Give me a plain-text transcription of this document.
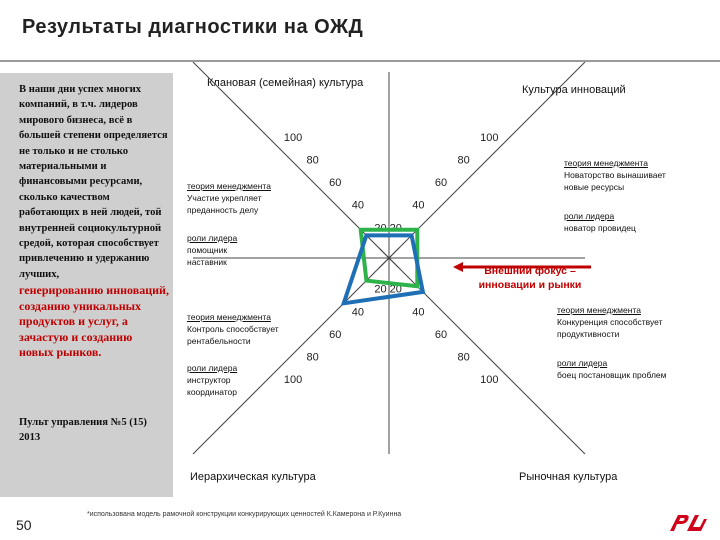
Результаты диагностики на ОЖД
В наши дни успех многих компаний, в т.ч. лидеров мирового бизнеса, всё в большей степени определяется не только и не столько материальными и финансовыми ресурсами, сколько качеством работающих в ней людей, той внутренней социокультурной средой, которая способствует привлечению и удержанию лучших,
генерированию инноваций, созданию уникальных продуктов и услуг, а зачастую и созданию новых рынков.
Пульт управления №5 (15) 2013
100
80
60
40
20
100
80
60
40
20
100
80
60
40
20
100
80
60
40
20
Клановая (семейная) культура
Культура инноваций
Иерархическая культура	Рыночная культура
теория менеджмента
Участие укрепляет преданность делу
роли лидера
помощник наставник
теория менеджмента
Новаторство вынашивает новые ресурсы
роли лидера
новатор провидец
теория менеджмента
Контроль способствует рентабельности
роли лидера
инструктор координатор
теория менеджмента
Конкуренция способствует продуктивности
роли лидера
боец постановщик проблем
Внешний фокус – инновации и рынки
50
*использована модель рамочной конструкции конкурирующих ценностей К.Камерона и Р.Куинна
